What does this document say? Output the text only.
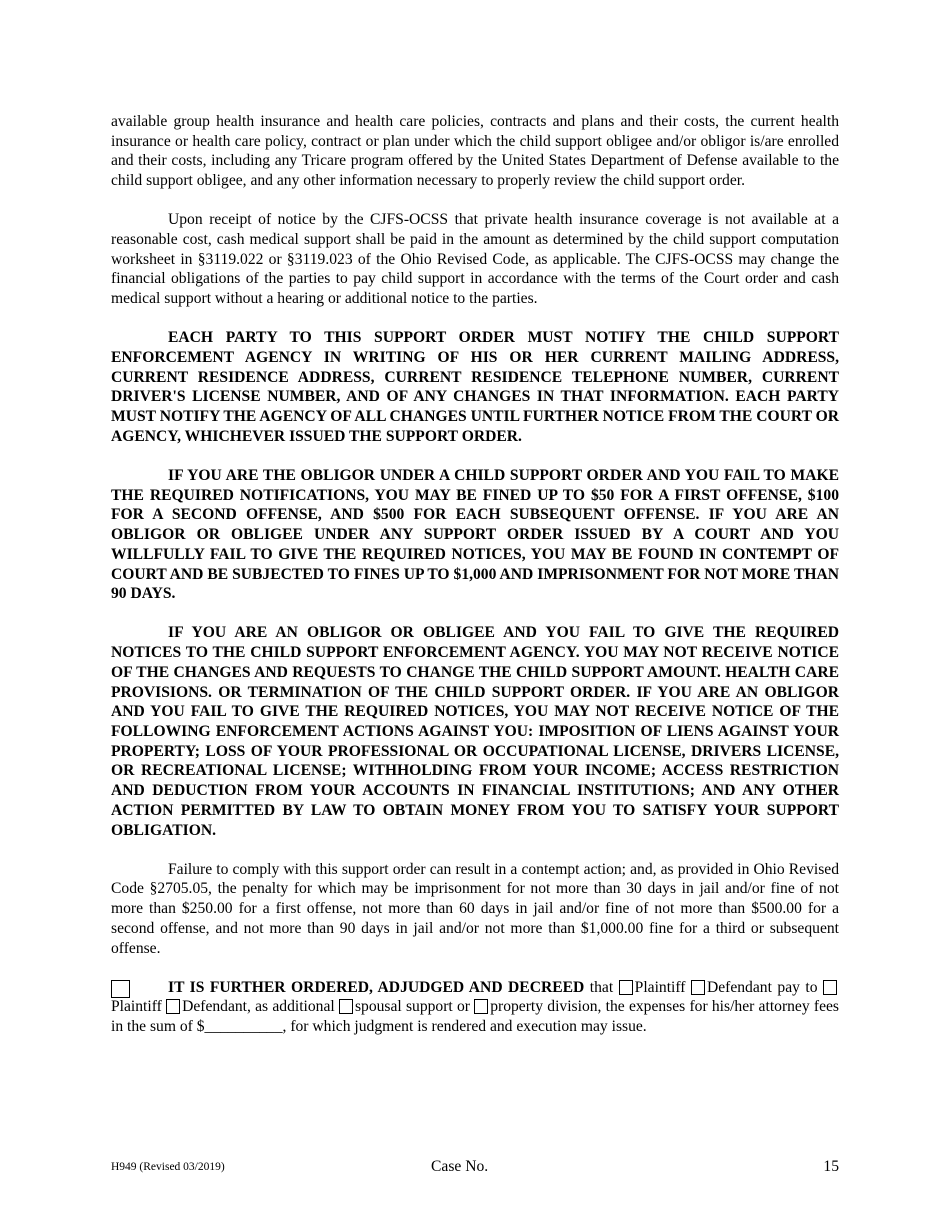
available group health insurance and health care policies, contracts and plans and their costs, the current health insurance or health care policy, contract or plan under which the child support obligee and/or obligor is/are enrolled and their costs, including any Tricare program offered by the United States Department of Defense available to the child support obligee, and any other information necessary to properly review the child support order.

Upon receipt of notice by the CJFS-OCSS that private health insurance coverage is not available at a reasonable cost, cash medical support shall be paid in the amount as determined by the child support computation worksheet in §3119.022 or §3119.023 of the Ohio Revised Code, as applicable. The CJFS-OCSS may change the financial obligations of the parties to pay child support in accordance with the terms of the Court order and cash medical support without a hearing or additional notice to the parties.

EACH PARTY TO THIS SUPPORT ORDER MUST NOTIFY THE CHILD SUPPORT ENFORCEMENT AGENCY IN WRITING OF HIS OR HER CURRENT MAILING ADDRESS, CURRENT RESIDENCE ADDRESS, CURRENT RESIDENCE TELEPHONE NUMBER, CURRENT DRIVER'S LICENSE NUMBER, AND OF ANY CHANGES IN THAT INFORMATION. EACH PARTY MUST NOTIFY THE AGENCY OF ALL CHANGES UNTIL FURTHER NOTICE FROM THE COURT OR AGENCY, WHICHEVER ISSUED THE SUPPORT ORDER.

IF YOU ARE THE OBLIGOR UNDER A CHILD SUPPORT ORDER AND YOU FAIL TO MAKE THE REQUIRED NOTIFICATIONS, YOU MAY BE FINED UP TO $50 FOR A FIRST OFFENSE, $100 FOR A SECOND OFFENSE, AND $500 FOR EACH SUBSEQUENT OFFENSE. IF YOU ARE AN OBLIGOR OR OBLIGEE UNDER ANY SUPPORT ORDER ISSUED BY A COURT AND YOU WILLFULLY FAIL TO GIVE THE REQUIRED NOTICES, YOU MAY BE FOUND IN CONTEMPT OF COURT AND BE SUBJECTED TO FINES UP TO $1,000 AND IMPRISONMENT FOR NOT MORE THAN 90 DAYS.

IF YOU ARE AN OBLIGOR OR OBLIGEE AND YOU FAIL TO GIVE THE REQUIRED NOTICES TO THE CHILD SUPPORT ENFORCEMENT AGENCY. YOU MAY NOT RECEIVE NOTICE OF THE CHANGES AND REQUESTS TO CHANGE THE CHILD SUPPORT AMOUNT. HEALTH CARE PROVISIONS. OR TERMINATION OF THE CHILD SUPPORT ORDER. IF YOU ARE AN OBLIGOR AND YOU FAIL TO GIVE THE REQUIRED NOTICES, YOU MAY NOT RECEIVE NOTICE OF THE FOLLOWING ENFORCEMENT ACTIONS AGAINST YOU: IMPOSITION OF LIENS AGAINST YOUR PROPERTY; LOSS OF YOUR PROFESSIONAL OR OCCUPATIONAL LICENSE, DRIVERS LICENSE, OR RECREATIONAL LICENSE; WITHHOLDING FROM YOUR INCOME; ACCESS RESTRICTION AND DEDUCTION FROM YOUR ACCOUNTS IN FINANCIAL INSTITUTIONS; AND ANY OTHER ACTION PERMITTED BY LAW TO OBTAIN MONEY FROM YOU TO SATISFY YOUR SUPPORT OBLIGATION.

Failure to comply with this support order can result in a contempt action; and, as provided in Ohio Revised Code §2705.05, the penalty for which may be imprisonment for not more than 30 days in jail and/or fine of not more than $250.00 for a first offense, not more than 60 days in jail and/or fine of not more than $500.00 for a second offense, and not more than 90 days in jail and/or not more than $1,000.00 fine for a third or subsequent offense.

IT IS FURTHER ORDERED, ADJUDGED AND DECREED that Plaintiff Defendant pay to Plaintiff Defendant, as additional spousal support or property division, the expenses for his/her attorney fees in the sum of $__________, for which judgment is rendered and execution may issue.

H949 (Revised 03/2019)	Case No.	15
